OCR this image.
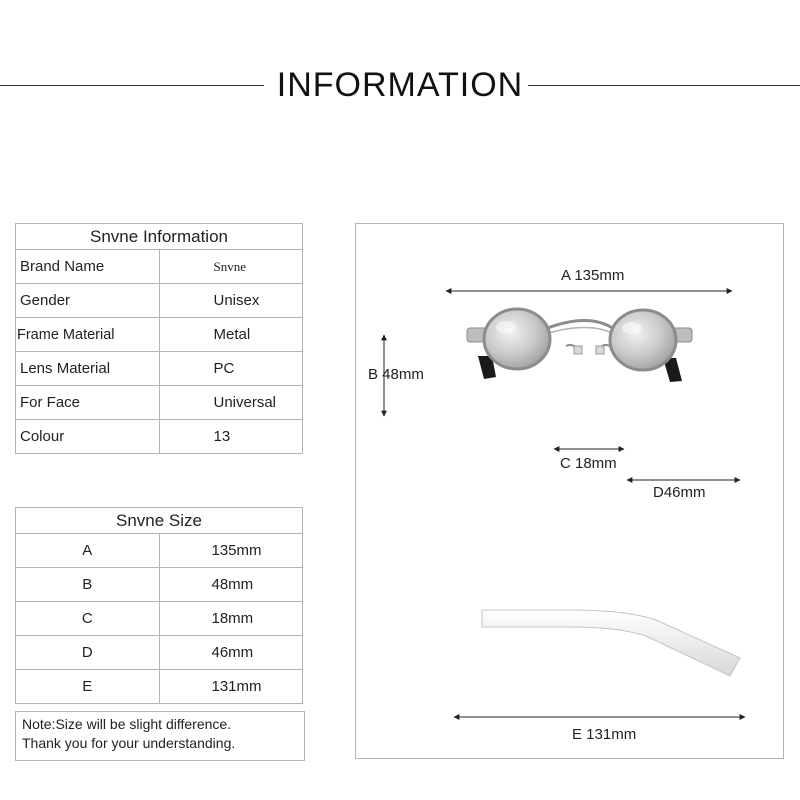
INFORMATION
Snvne Information	
Brand Name	Snvne
Gender	Unisex
Frame Material	Metal
Lens Material	PC
For Face	Universal
Colour	13
Snvne Size	
A	135mm
B	48mm
C	18mm
D	46mm
E	131mm
Note:Size will be slight difference.
Thank you for your understanding.
A 135mm
B 48mm
C 18mm
D46mm
E 131mm
